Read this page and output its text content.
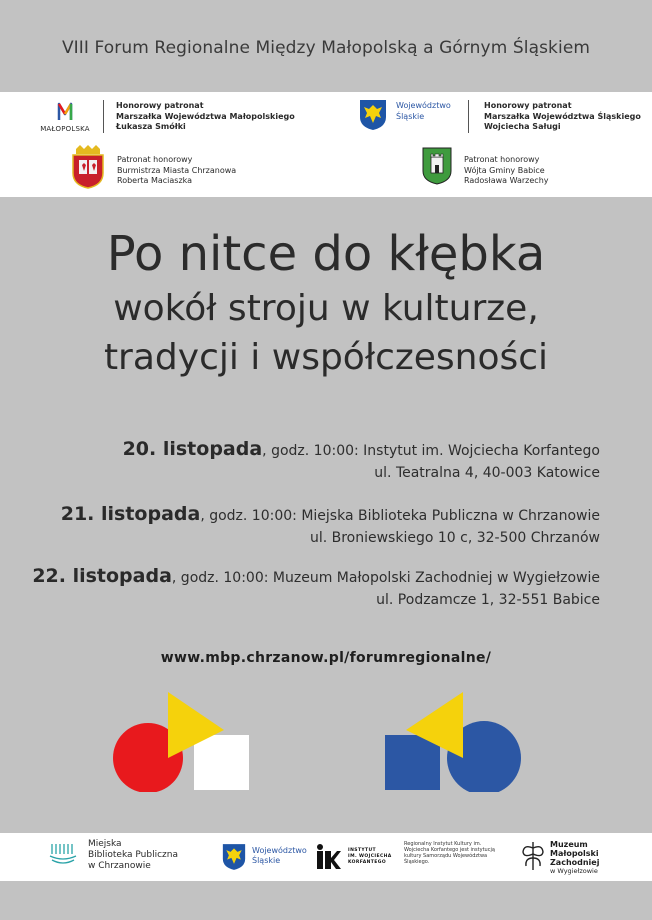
VIII Forum Regionalne Między Małopolską a Górnym Śląskiem
MAŁOPOLSKA
Honorowy patronat
Marszałka Województwa Małopolskiego
Łukasza Smółki
Województwo
Śląskie
Honorowy patronat
Marszałka Województwa Śląskiego
Wojciecha Saługi
Patronat honorowy
Burmistrza Miasta Chrzanowa
Roberta Maciaszka
Patronat honorowy
Wójta Gminy Babice
Radosława Warzechy
Po nitce do kłębka
wokół stroju w kulturze,
tradycji i współczesności
20. listopada, godz. 10:00: Instytut im. Wojciecha Korfantego
ul. Teatralna 4, 40-003 Katowice
21. listopada, godz. 10:00: Miejska Biblioteka Publiczna w Chrzanowie
ul. Broniewskiego 10 c, 32-500 Chrzanów
22. listopada, godz. 10:00: Muzeum Małopolski Zachodniej w Wygiełzowie
ul. Podzamcze 1, 32-551 Babice
www.mbp.chrzanow.pl/forumregionalne/
Miejska
Biblioteka Publiczna
w Chrzanowie
Województwo
Śląskie
INSTYTUT
IM. WOJCIECHA
KORFANTEGO
Regionalny Instytut Kultury im. Wojciecha Korfantego jest instytucją kultury Samorządu Województwa Śląskiego.
Muzeum
Małopolski
Zachodniej
w Wygiełzowie
